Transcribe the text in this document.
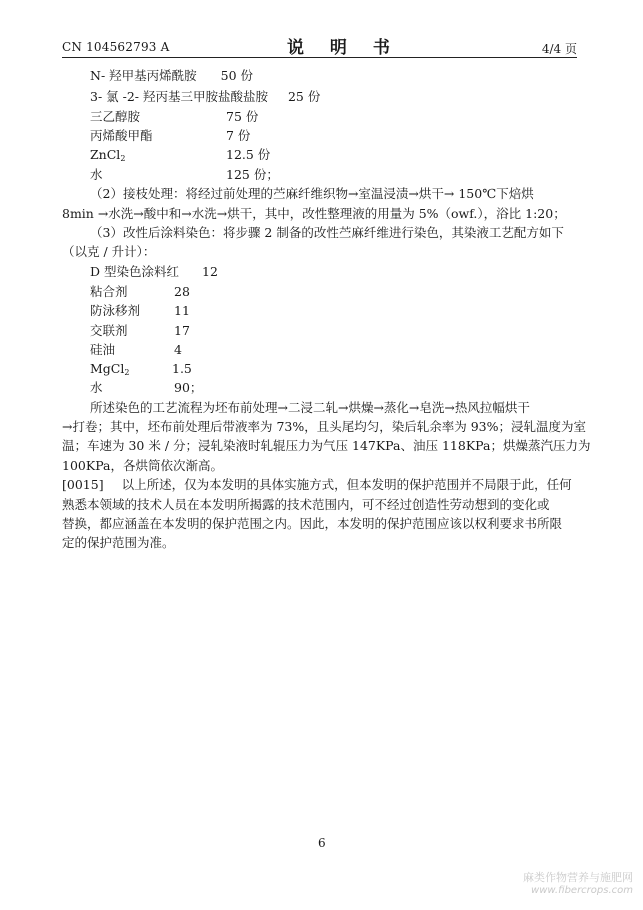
CN 104562793 A	说 明 书	4/4 页
N- 羟甲基丙烯酰胺 50 份
3- 氯 -2- 羟丙基三甲胺盐酸盐胺 25 份
三乙醇胺	75 份
丙烯酸甲酯	7 份
ZnCl$_2$	12.5 份
水	125 份；
（2）接枝处理：将经过前处理的苎麻纤维织物→室温浸渍→烘干→ 150℃下焙烘
8min →水洗→酸中和→水洗→烘干，其中，改性整理液的用量为 5%（owf.），浴比 1:20；
（3）改性后涂料染色：将步骤 2 制备的改性苎麻纤维进行染色，其染液工艺配方如下
（以克 / 升计）：
D 型染色涂料红 12
粘合剂	28
防泳移剂	11
交联剂	17
硅油	4
MgCl$_2$	1.5
水	90；
所述染色的工艺流程为坯布前处理→二浸二轧→烘燥→蒸化→皂洗→热风拉幅烘干
→打卷；其中，坯布前处理后带液率为 73%，且头尾均匀，染后轧余率为 93%；浸轧温度为室
温；车速为 30 米 / 分；浸轧染液时轧辊压力为气压 147KPa、油压 118KPa；烘燥蒸汽压力为
100KPa，各烘筒依次渐高。
[0015] 以上所述，仅为本发明的具体实施方式，但本发明的保护范围并不局限于此，任何
熟悉本领域的技术人员在本发明所揭露的技术范围内，可不经过创造性劳动想到的变化或
替换，都应涵盖在本发明的保护范围之内。因此，本发明的保护范围应该以权利要求书所限
定的保护范围为准。
6
麻类作物营养与施肥网
www.fibercrops.com
